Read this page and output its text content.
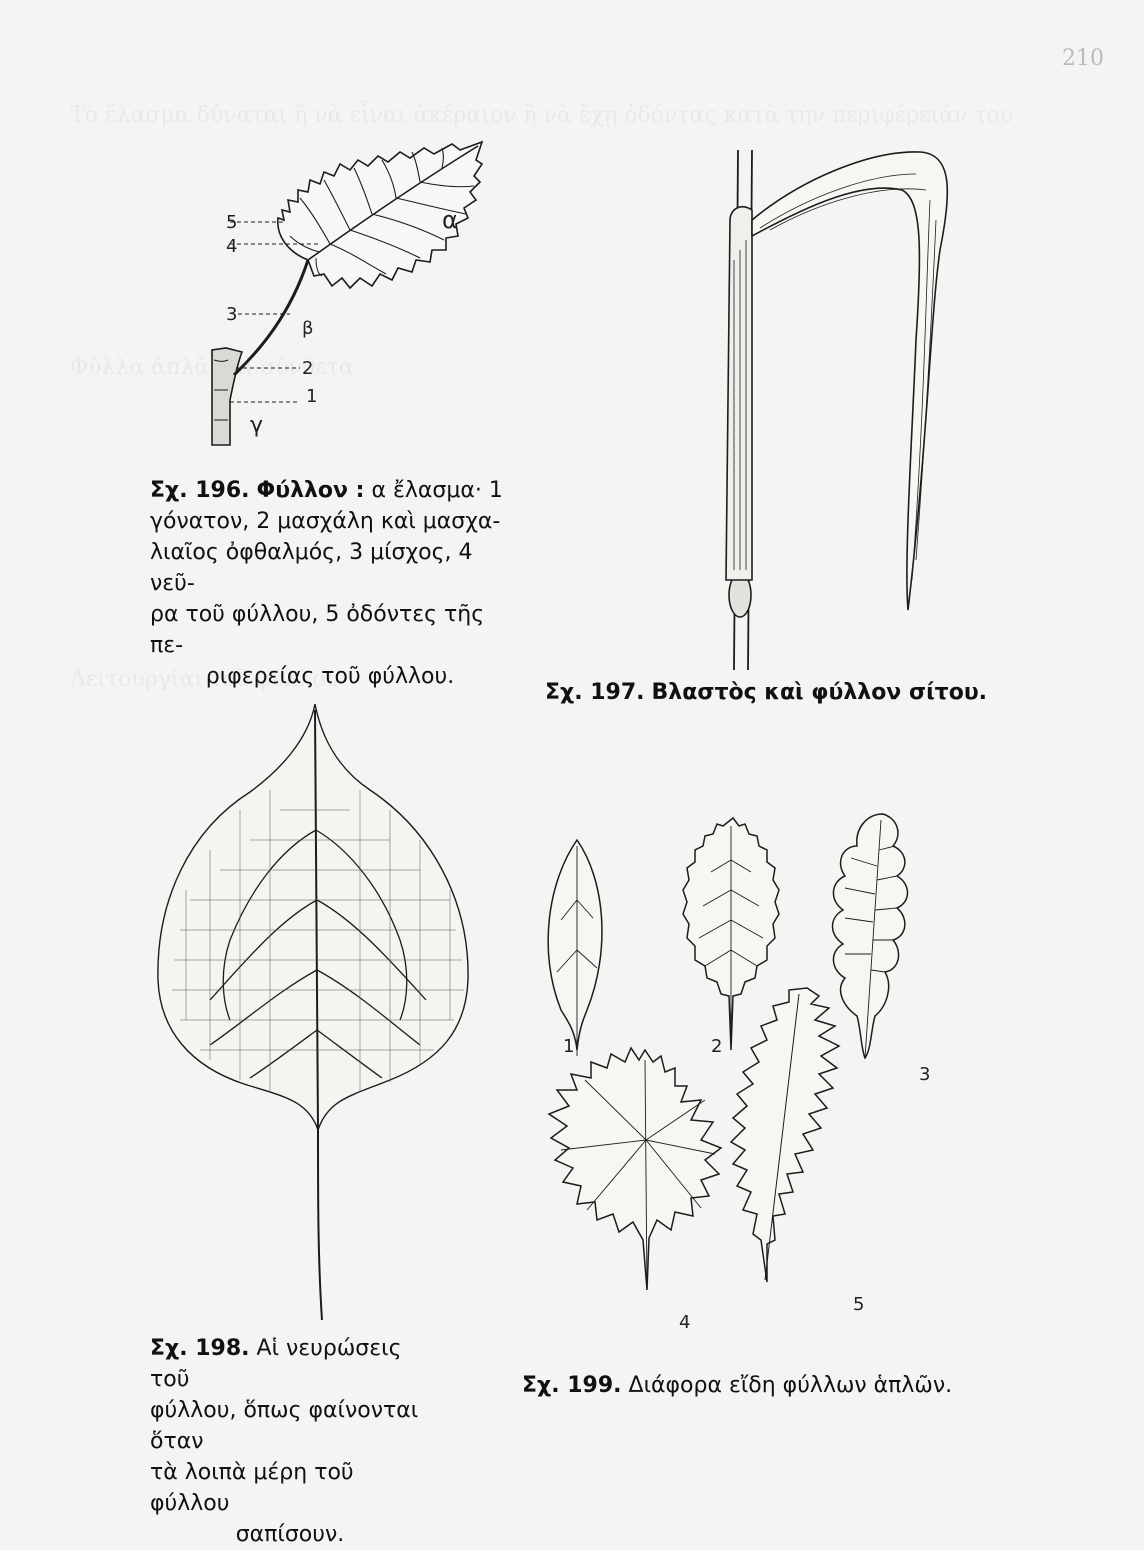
210
5
4
3
2
1
α
β
γ
Σχ. 196. Φύλλον : α ἔλασμα· 1
γόνατον, 2 μασχάλη καὶ μασχα-
λιαῖος ὀφθαλμός, 3 μίσχος, 4 νεῦ-
ρα τοῦ φύλλου, 5 ὀδόντες τῆς πε-
ριφερείας τοῦ φύλλου.
Σχ. 197. Βλαστὸς καὶ φύλλον σίτου.
Σχ. 198. Αἱ νευρώσεις τοῦ
φύλλου, ὅπως φαίνονται ὅταν
τὰ λοιπὰ μέρη τοῦ φύλλου
σαπίσουν.
1	2
3
4
5
Σχ. 199. Διάφορα εἴδη φύλλων ἁπλῶν.
